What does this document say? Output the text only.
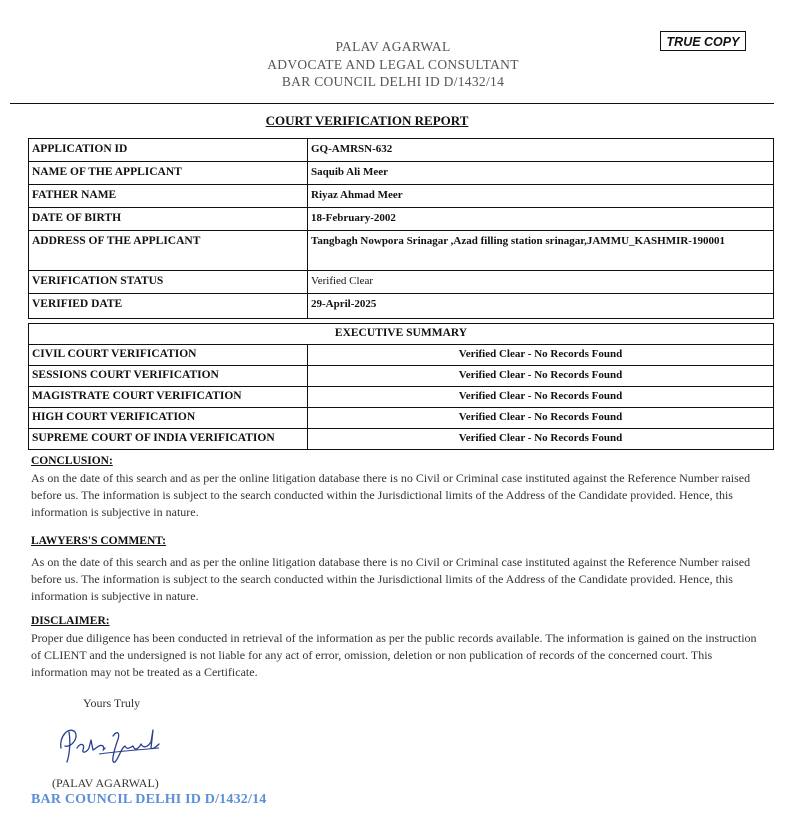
PALAV AGARWAL
ADVOCATE AND LEGAL CONSULTANT
BAR COUNCIL DELHI ID D/1432/14
TRUE COPY
COURT VERIFICATION REPORT
APPLICATION ID	GQ-AMRSN-632
NAME OF THE APPLICANT	Saquib Ali Meer
FATHER NAME	Riyaz Ahmad Meer
DATE OF BIRTH	18-February-2002
ADDRESS OF THE APPLICANT	Tangbagh Nowpora Srinagar ,Azad filling station srinagar,JAMMU_KASHMIR-190001
VERIFICATION STATUS	Verified Clear
VERIFIED DATE	29-April-2025
EXECUTIVE SUMMARY	
CIVIL COURT VERIFICATION	Verified Clear - No Records Found
SESSIONS COURT VERIFICATION	Verified Clear - No Records Found
MAGISTRATE COURT VERIFICATION	Verified Clear - No Records Found
HIGH COURT VERIFICATION	Verified Clear - No Records Found
SUPREME COURT OF INDIA VERIFICATION	Verified Clear - No Records Found
CONCLUSION:
As on the date of this search and as per the online litigation database there is no Civil or Criminal case instituted against the Reference Number raised before us. The information is subject to the search conducted within the Jurisdictional limits of the Address of the Candidate provided. Hence, this information is subjective in nature.
LAWYERS'S COMMENT:
As on the date of this search and as per the online litigation database there is no Civil or Criminal case instituted against the Reference Number raised before us. The information is subject to the search conducted within the Jurisdictional limits of the Address of the Candidate provided. Hence, this information is subjective in nature.
DISCLAIMER:
Proper due diligence has been conducted in retrieval of the information as per the public records available. The information is gained on the instruction of CLIENT and the undersigned is not liable for any act of error, omission, deletion or non publication of records of the concerned court. This information may not be treated as a Certificate.
Yours Truly
(PALAV AGARWAL)
BAR COUNCIL DELHI ID D/1432/14
